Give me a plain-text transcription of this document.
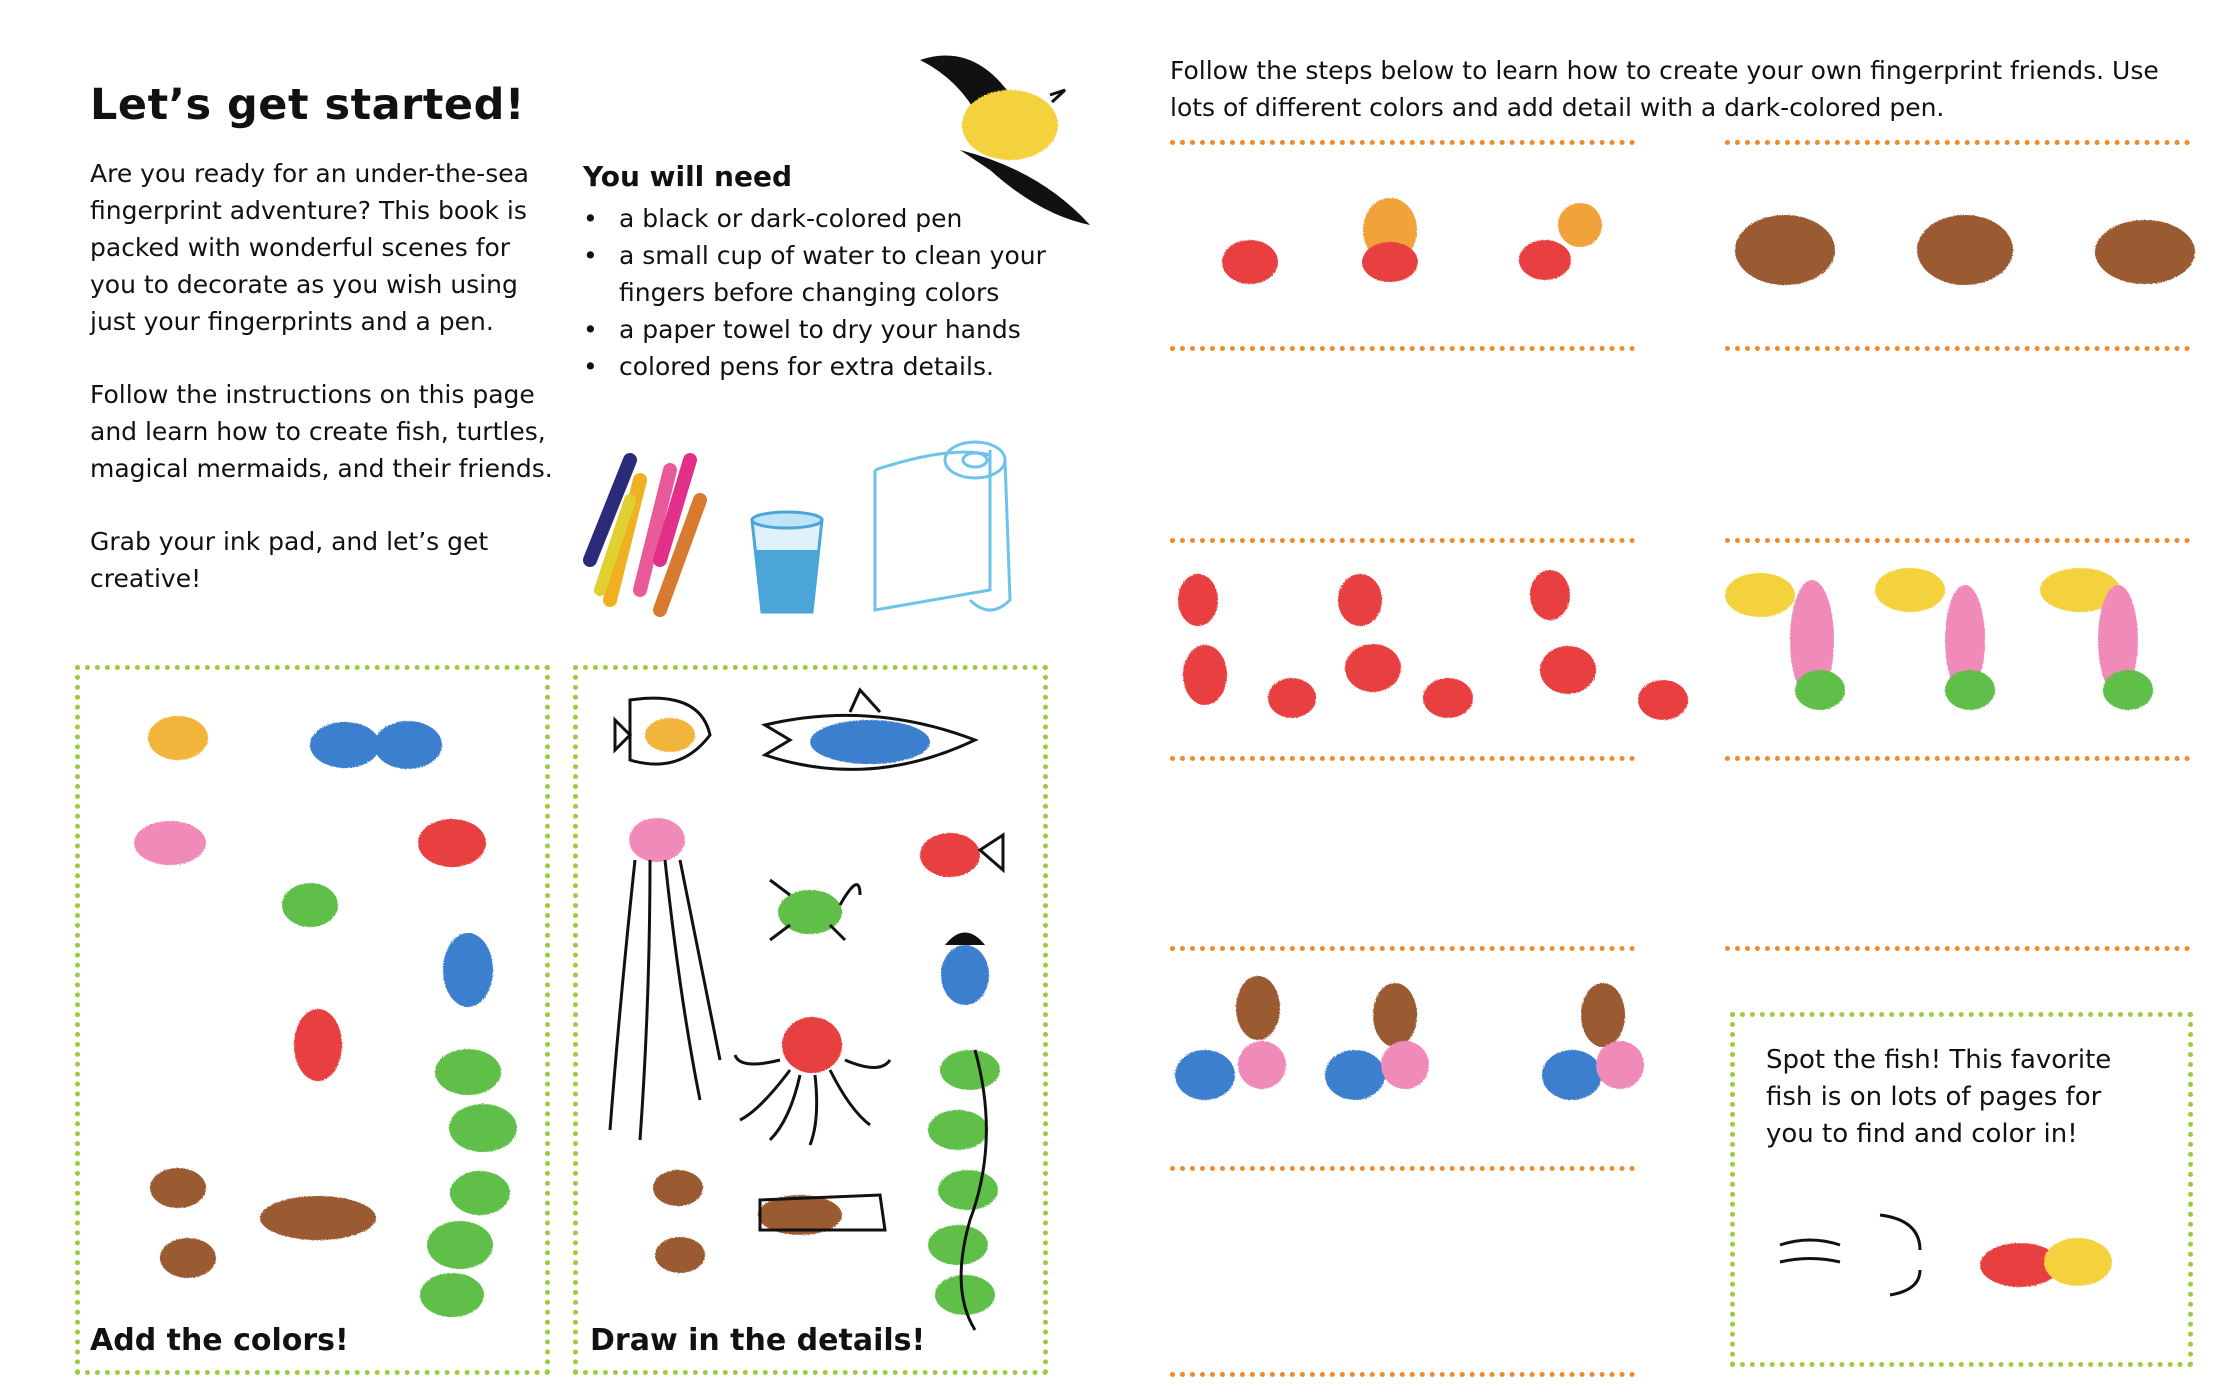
Let’s get started!

Are you ready for an under-the-sea fingerprint adventure? This book is packed with wonderful scenes for you to decorate as you wish using just your fingerprints and a pen.

Follow the instructions on this page and learn how to create fish, turtles, magical mermaids, and their friends.

Grab your ink pad, and let’s get creative!

You will need
• a black or dark-colored pen
• a small cup of water to clean your fingers before changing colors
• a paper towel to dry your hands
• colored pens for extra details.
Follow the steps below to learn how to create your own fingerprint friends. Use lots of different colors and add detail with a dark-colored pen.
Add the colors!	Draw in the details!
Spot the fish! This favorite fish is on lots of pages for you to find and color in!
